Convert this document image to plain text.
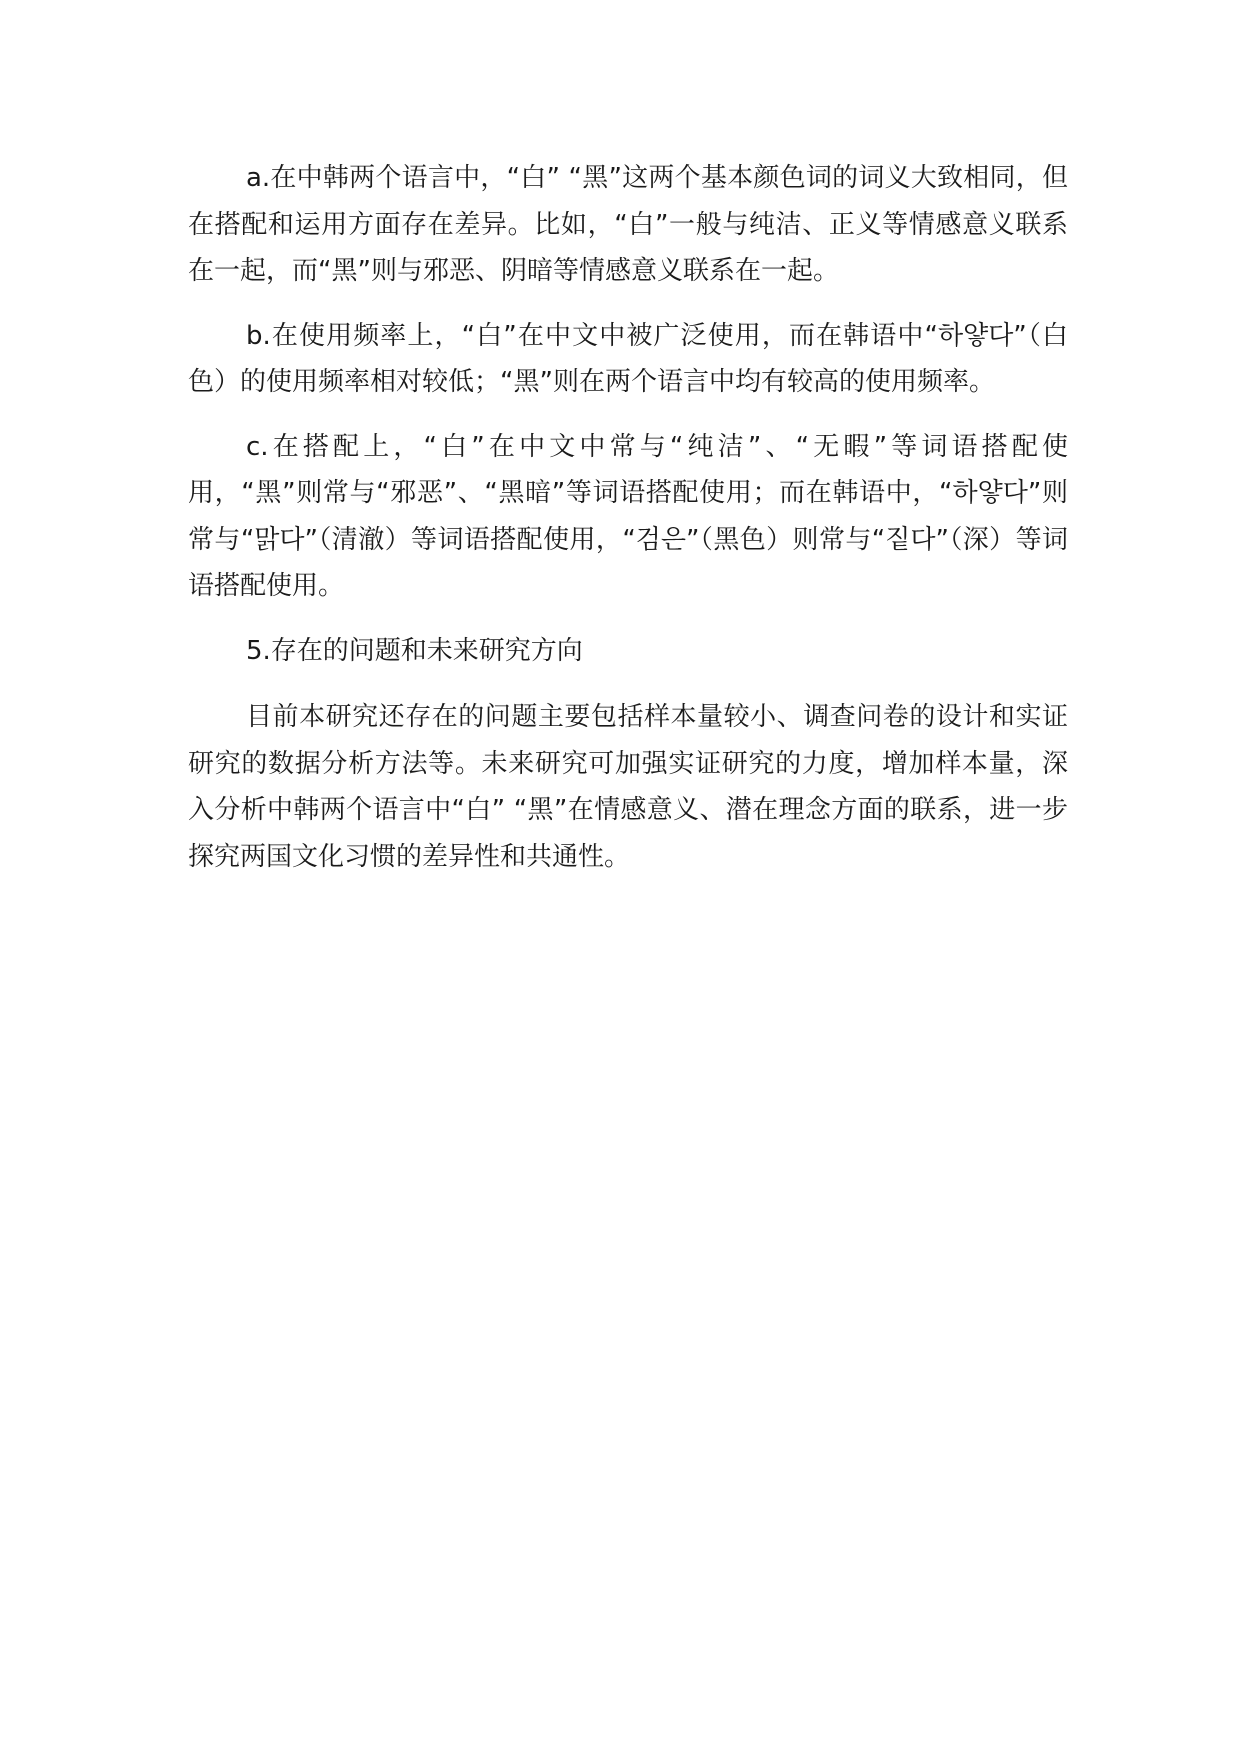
a.在中韩两个语言中，“白” “黑”这两个基本颜色词的词义大致相同，但在搭配和运用方面存在差异。比如，“白”一般与纯洁、正义等情感意义联系在一起，而“黑”则与邪恶、阴暗等情感意义联系在一起。

b.在使用频率上，“白”在中文中被广泛使用，而在韩语中“하얗다”（白色）的使用频率相对较低；“黑”则在两个语言中均有较高的使用频率。

c.在搭配上，“白”在中文中常与“纯洁”、“无暇”等词语搭配使用，“黑”则常与“邪恶”、“黑暗”等词语搭配使用；而在韩语中，“하얗다”则常与“맑다”（清澈）等词语搭配使用，“검은”（黑色）则常与“짙다”（深）等词语搭配使用。

5.存在的问题和未来研究方向

目前本研究还存在的问题主要包括样本量较小、调查问卷的设计和实证研究的数据分析方法等。未来研究可加强实证研究的力度，增加样本量，深入分析中韩两个语言中“白” “黑”在情感意义、潜在理念方面的联系，进一步探究两国文化习惯的差异性和共通性。
